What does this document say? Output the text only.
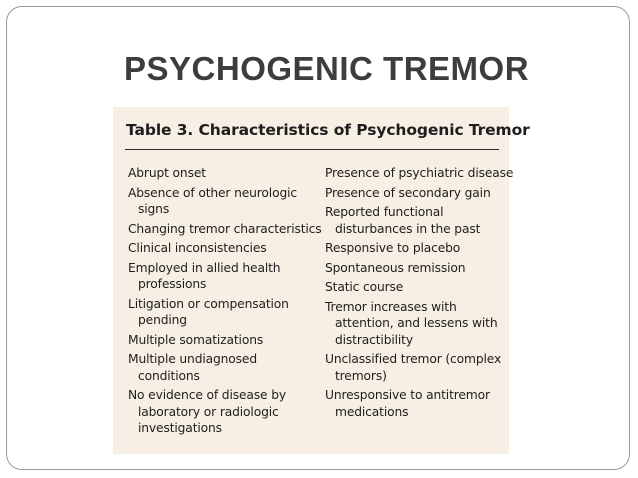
PSYCHOGENIC TREMOR
Table 3. Characteristics of Psychogenic Tremor
Abrupt onset
Absence of other neurologic
signs
Changing tremor characteristics
Clinical inconsistencies
Employed in allied health
professions
Litigation or compensation
pending
Multiple somatizations
Multiple undiagnosed
conditions
No evidence of disease by
laboratory or radiologic
investigations
Presence of psychiatric disease
Presence of secondary gain
Reported functional
disturbances in the past
Responsive to placebo
Spontaneous remission
Static course
Tremor increases with
attention, and lessens with
distractibility
Unclassified tremor (complex
tremors)
Unresponsive to antitremor
medications
